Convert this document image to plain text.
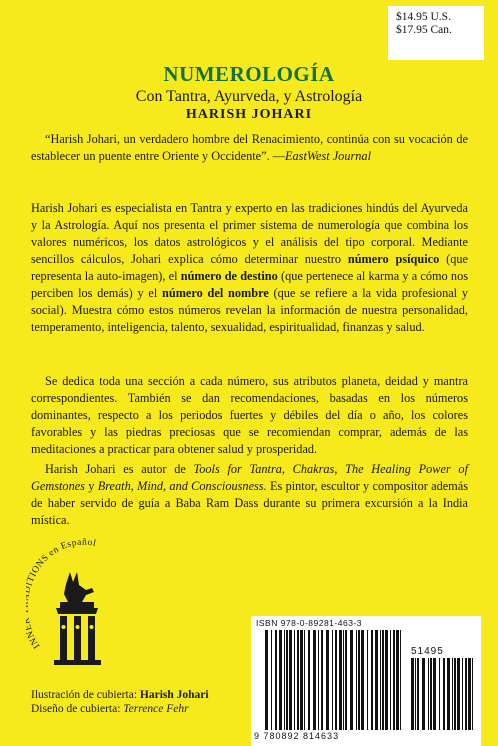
$14.95 U.S.
$17.95 Can.
NUMEROLOGÍA
Con Tantra, Ayurveda, y Astrología
HARISH JOHARI

“Harish Johari, un verdadero hombre del Renacimiento, continúa con su vocación de establecer un puente entre Oriente y Occidente”. —EastWest Journal

Harish Johari es especialista en Tantra y experto en las tradiciones hindús del Ayurveda y la Astrología. Aquí nos presenta el primer sistema de numerología que combina los valores numéricos, los datos astrológicos y el análisis del tipo corporal. Mediante sencillos cálculos, Johari explica cómo determinar nuestro número psíquico (que representa la auto-imagen), el número de destino (que pertenece al karma y a cómo nos perciben los demás) y el número del nombre (que se refiere a la vida profesional y social). Muestra cómo estos números revelan la información de nuestra personalidad, temperamento, inteligencia, talento, sexualidad, espiritualidad, finanzas y salud.

Se dedica toda una sección a cada número, sus atributos planeta, deidad y mantra correspondientes. También se dan recomendaciones, basadas en los números dominantes, respecto a los periodos fuertes y débiles del día o año, los colores favorables y las piedras preciosas que se recomiendan comprar, además de las meditaciones a practicar para obtener salud y prosperidad.

Harish Johari es autor de Tools for Tantra, Chakras, The Healing Power of Gemstones y Breath, Mind, and Consciousness. Es pintor, escultor y compositor además de haber servido de guía a Baba Ram Dass durante su primera excursión a la India mística.

INN TIONS en Español
ISBN 978-0-89281-463-3
51495
9 780892 814633
Ilustración de cubierta: Harish Johari
Diseño de cubierta: Terrence Fehr
